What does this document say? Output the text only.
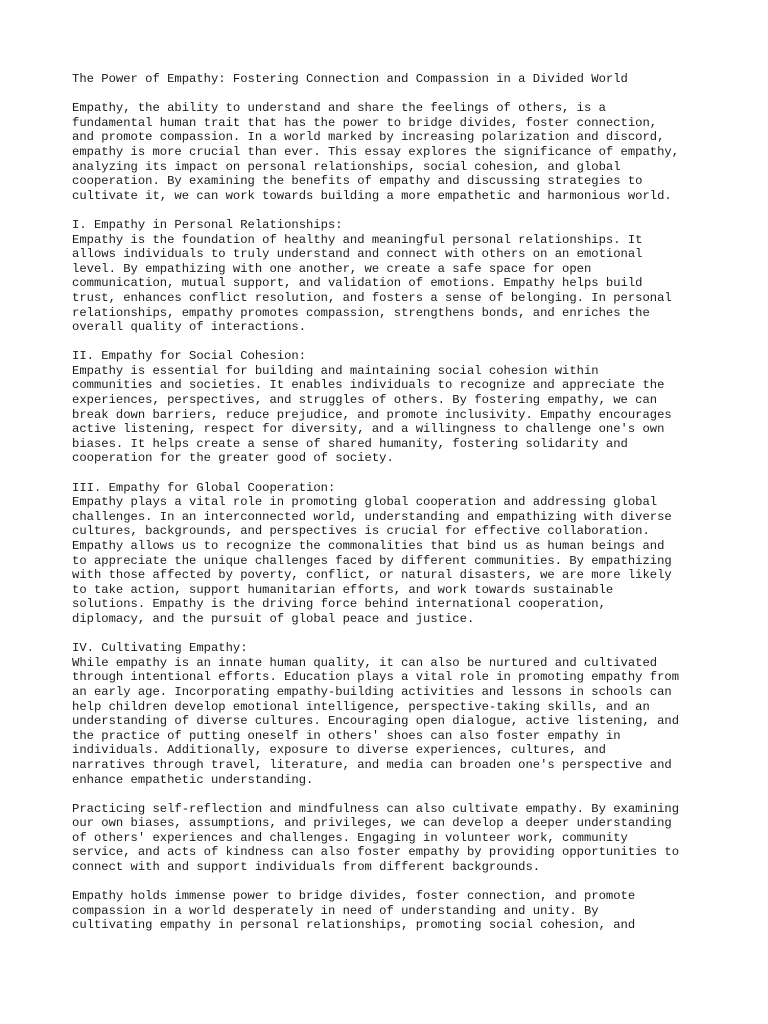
The Power of Empathy: Fostering Connection and Compassion in a Divided World
Empathy, the ability to understand and share the feelings of others, is a
fundamental human trait that has the power to bridge divides, foster connection,
and promote compassion. In a world marked by increasing polarization and discord,
empathy is more crucial than ever. This essay explores the significance of empathy,
analyzing its impact on personal relationships, social cohesion, and global
cooperation. By examining the benefits of empathy and discussing strategies to
cultivate it, we can work towards building a more empathetic and harmonious world.
I. Empathy in Personal Relationships:
Empathy is the foundation of healthy and meaningful personal relationships. It
allows individuals to truly understand and connect with others on an emotional
level. By empathizing with one another, we create a safe space for open
communication, mutual support, and validation of emotions. Empathy helps build
trust, enhances conflict resolution, and fosters a sense of belonging. In personal
relationships, empathy promotes compassion, strengthens bonds, and enriches the
overall quality of interactions.
II. Empathy for Social Cohesion:
Empathy is essential for building and maintaining social cohesion within
communities and societies. It enables individuals to recognize and appreciate the
experiences, perspectives, and struggles of others. By fostering empathy, we can
break down barriers, reduce prejudice, and promote inclusivity. Empathy encourages
active listening, respect for diversity, and a willingness to challenge one's own
biases. It helps create a sense of shared humanity, fostering solidarity and
cooperation for the greater good of society.
III. Empathy for Global Cooperation:
Empathy plays a vital role in promoting global cooperation and addressing global
challenges. In an interconnected world, understanding and empathizing with diverse
cultures, backgrounds, and perspectives is crucial for effective collaboration.
Empathy allows us to recognize the commonalities that bind us as human beings and
to appreciate the unique challenges faced by different communities. By empathizing
with those affected by poverty, conflict, or natural disasters, we are more likely
to take action, support humanitarian efforts, and work towards sustainable
solutions. Empathy is the driving force behind international cooperation,
diplomacy, and the pursuit of global peace and justice.
IV. Cultivating Empathy:
While empathy is an innate human quality, it can also be nurtured and cultivated
through intentional efforts. Education plays a vital role in promoting empathy from
an early age. Incorporating empathy-building activities and lessons in schools can
help children develop emotional intelligence, perspective-taking skills, and an
understanding of diverse cultures. Encouraging open dialogue, active listening, and
the practice of putting oneself in others' shoes can also foster empathy in
individuals. Additionally, exposure to diverse experiences, cultures, and
narratives through travel, literature, and media can broaden one's perspective and
enhance empathetic understanding.
Practicing self-reflection and mindfulness can also cultivate empathy. By examining
our own biases, assumptions, and privileges, we can develop a deeper understanding
of others' experiences and challenges. Engaging in volunteer work, community
service, and acts of kindness can also foster empathy by providing opportunities to
connect with and support individuals from different backgrounds.
Empathy holds immense power to bridge divides, foster connection, and promote
compassion in a world desperately in need of understanding and unity. By
cultivating empathy in personal relationships, promoting social cohesion, and
